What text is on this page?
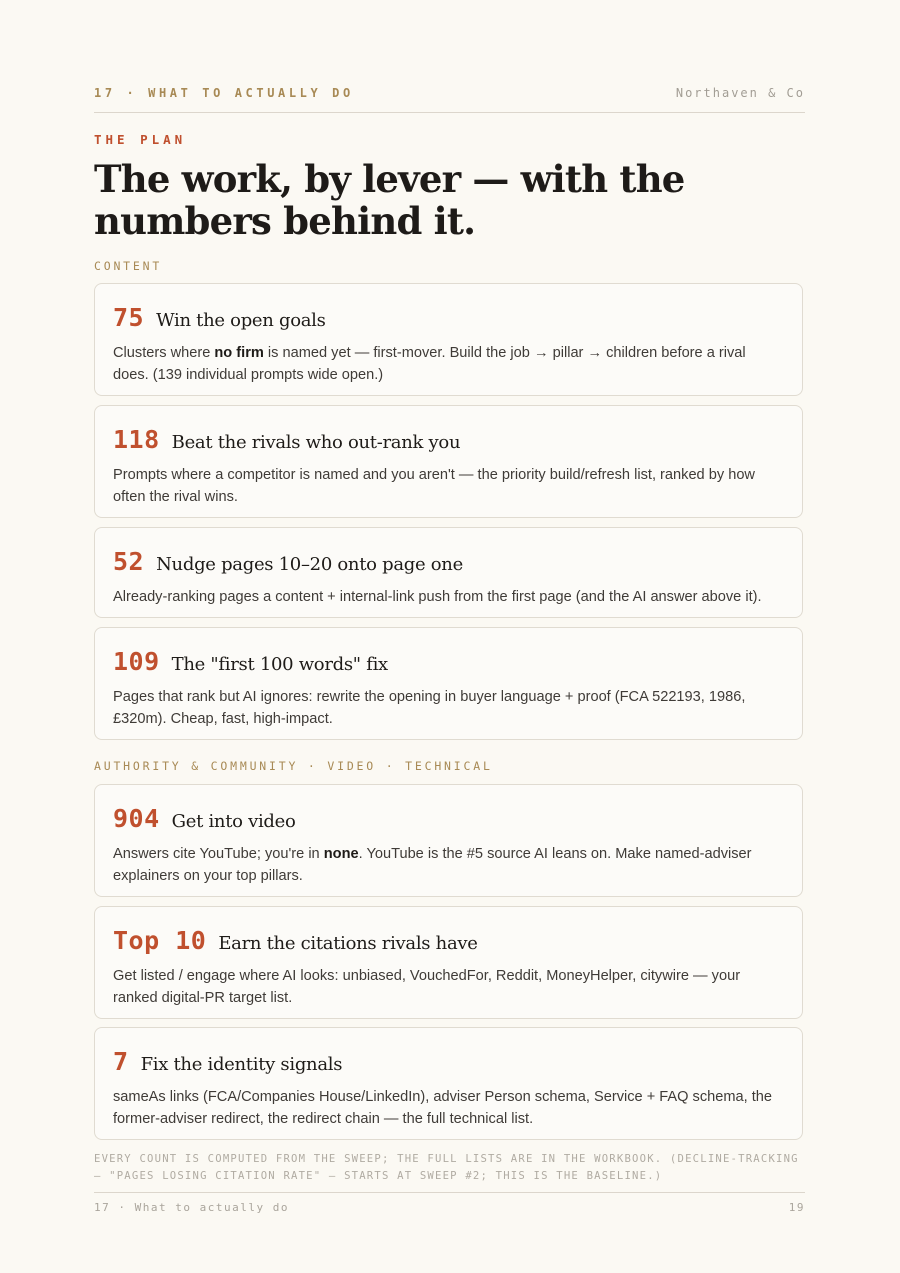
17 · WHAT TO ACTUALLY DO	Northaven & Co
THE PLAN
The work, by lever — with the numbers behind it.
CONTENT
75 Win the open goals
Clusters where no firm is named yet — first-mover. Build the job → pillar → children before a rival does. (139 individual prompts wide open.)
118 Beat the rivals who out-rank you
Prompts where a competitor is named and you aren't — the priority build/refresh list, ranked by how often the rival wins.
52 Nudge pages 10–20 onto page one
Already-ranking pages a content + internal-link push from the first page (and the AI answer above it).
109 The "first 100 words" fix
Pages that rank but AI ignores: rewrite the opening in buyer language + proof (FCA 522193, 1986, £320m). Cheap, fast, high-impact.
AUTHORITY & COMMUNITY · VIDEO · TECHNICAL
904 Get into video
Answers cite YouTube; you're in none. YouTube is the #5 source AI leans on. Make named-adviser explainers on your top pillars.
Top 10 Earn the citations rivals have
Get listed / engage where AI looks: unbiased, VouchedFor, Reddit, MoneyHelper, citywire — your ranked digital-PR target list.
7 Fix the identity signals
sameAs links (FCA/Companies House/LinkedIn), adviser Person schema, Service + FAQ schema, the former-adviser redirect, the redirect chain — the full technical list.
EVERY COUNT IS COMPUTED FROM THE SWEEP; THE FULL LISTS ARE IN THE WORKBOOK. (DECLINE-TRACKING — "PAGES LOSING CITATION RATE" — STARTS AT SWEEP #2; THIS IS THE BASELINE.)
17 · What to actually do	19
